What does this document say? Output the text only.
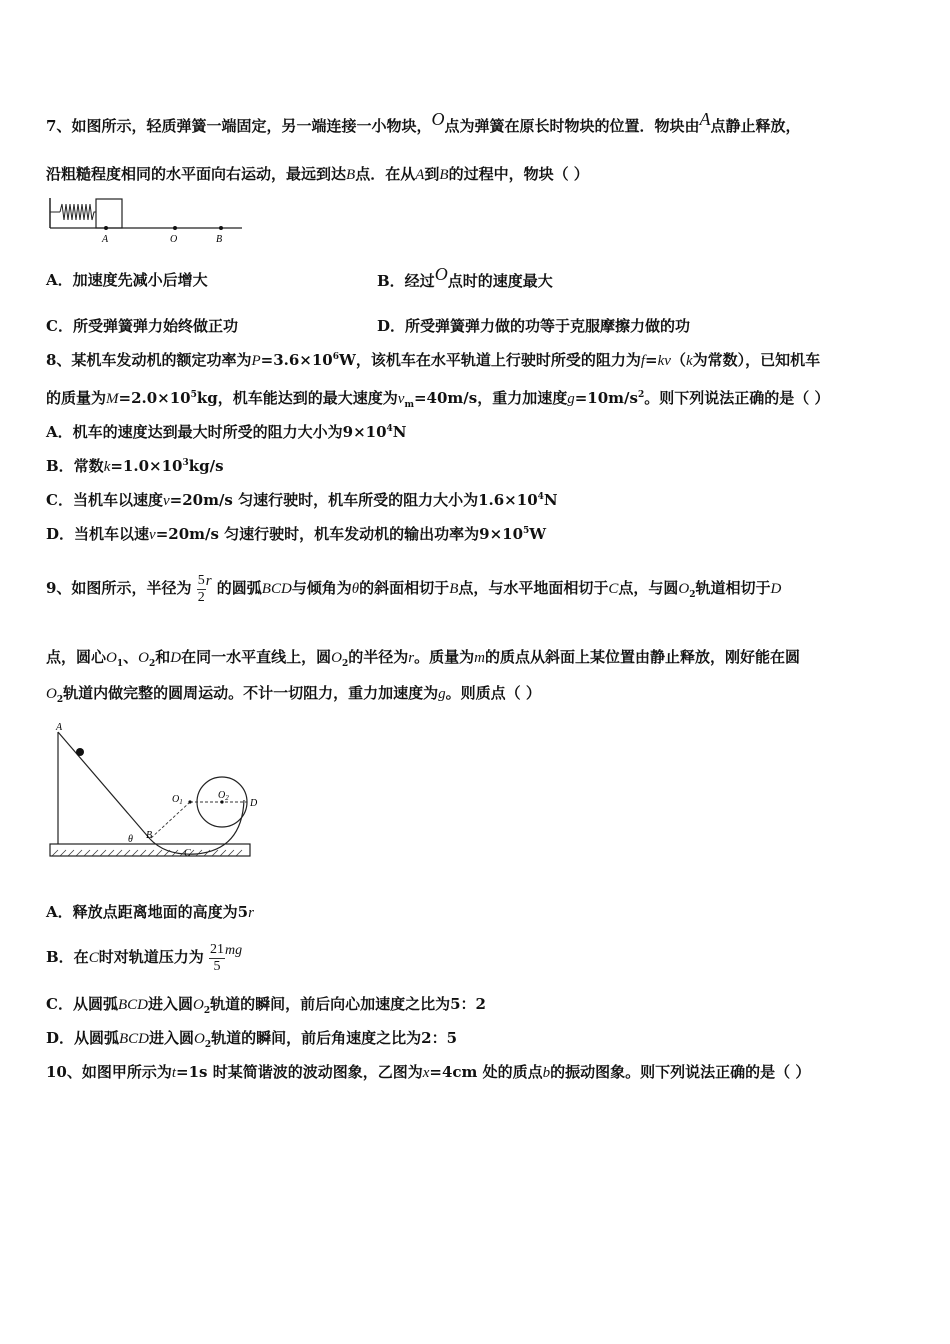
7、如图所示，轻质弹簧一端固定，另一端连接一小物块，O点为弹簧在原长时物块的位置．物块由A点静止释放，
沿粗糙程度相同的水平面向右运动，最远到达B点．在从A到B的过程中，物块（ ）
A	O	B
A．加速度先减小后增大	B．经过O点时的速度最大
C．所受弹簧弹力始终做正功	D．所受弹簧弹力做的功等于克服摩擦力做的功
8、某机车发动机的额定功率为$P=3.6\times 10^6W$，该机车在水平轨道上行驶时所受的阻力为f=kv（k为常数），已知机车
的质量为$M=2.0\times 10^5kg$，机车能达到的最大速度为$v_m=40m/s$，重力加速度$g=10m/s^2$。则下列说法正确的是（ ）
A．机车的速度达到最大时所受的阻力大小为$9\times 10^4N$
B．常数$k=1.0\times 10^3kg/s$
C．当机车以速度v=20m/s 匀速行驶时，机车所受的阻力大小为$1.6\times 10^4N$
D．当机车以速v=20m/s 匀速行驶时，机车发动机的输出功率为$9\times 10^5W$
9、如图所示，半径为 $\frac{5}{2}$ r 的圆弧BCD与倾角为θ的斜面相切于B点，与水平地面相切于C点，与圆$O_2$轨道相切于D
点，圆心$O_1$、$O_2$和D在同一水平直线上，圆$O_2$的半径为r。质量为m的质点从斜面上某位置由静止释放，刚好能在圆
$O_2$轨道内做完整的圆周运动。不计一切阻力，重力加速度为g。则质点（ ）
A
$O_1$
$O_2$ D
θ B
C
A．释放点距离地面的高度为5r
B．在C时对轨道压力为 $\frac{21}{5}$ mg
C．从圆弧BCD进入圆$O_2$轨道的瞬间，前后向心加速度之比为5：2
D．从圆弧BCD进入圆$O_2$轨道的瞬间，前后角速度之比为2：5
10、如图甲所示为t=1s 时某简谐波的波动图象，乙图为x=4cm 处的质点b的振动图象。则下列说法正确的是（ ）
